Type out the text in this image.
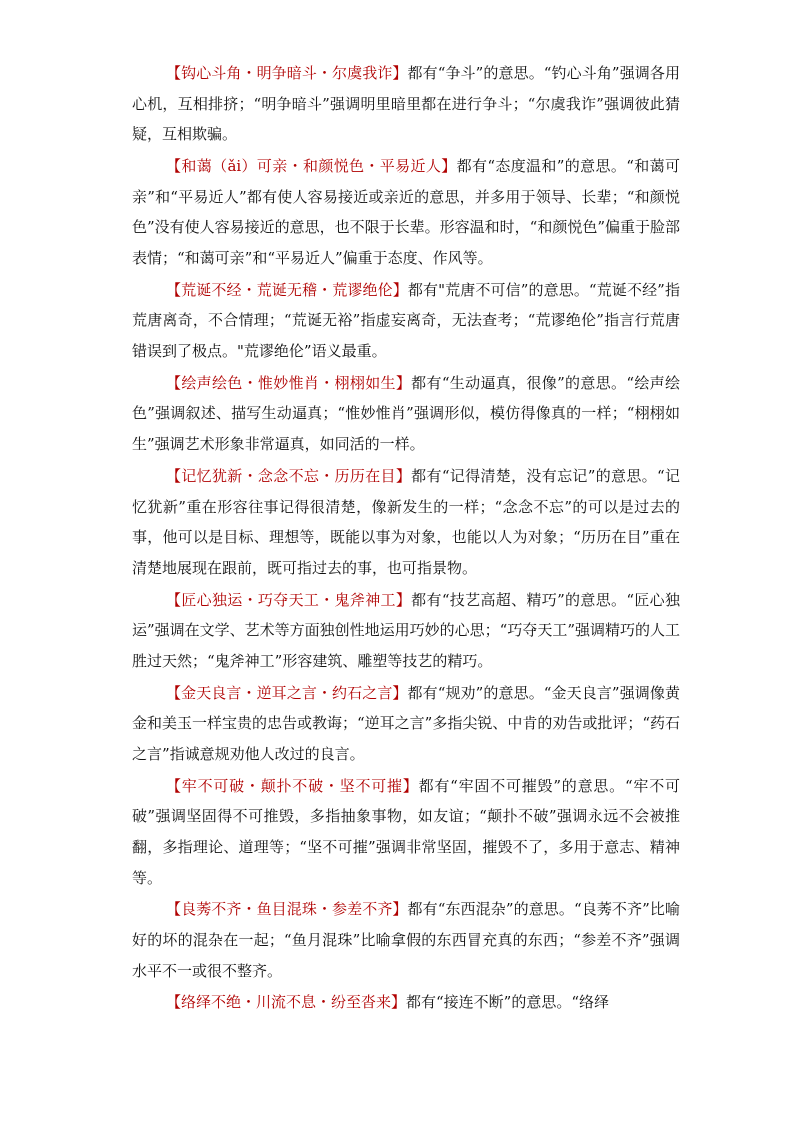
【钩心斗角・明争暗斗・尔虞我诈】都有“争斗”的意思。“钓心斗角”强调各用心机，互相排挤；“明争暗斗”强调明里暗里都在进行争斗；“尔虞我诈”强调彼此猜疑，互相欺骗。

【和蔼（ǎi）可亲・和颜悦色・平易近人】都有“态度温和”的意思。“和蔼可亲”和“平易近人”都有使人容易接近或亲近的意思，并多用于领导、长辈；“和颜悦色”没有使人容易接近的意思，也不限于长辈。形容温和时，“和颜悦色”偏重于脸部表情；“和蔼可亲”和“平易近人”偏重于态度、作风等。

【荒诞不经・荒诞无稽・荒谬绝伦】都有"荒唐不可信”的意思。“荒诞不经”指荒唐离奇，不合情理；“荒诞无裕”指虚妄离奇，无法查考；“荒谬绝伦”指言行荒唐错误到了极点。"荒谬绝伦”语义最重。

【绘声绘色・惟妙惟肖・栩栩如生】都有“生动逼真，很像”的意思。“绘声绘色”强调叙述、描写生动逼真；“惟妙惟肖”强调形似，模仿得像真的一样；“栩栩如生”强调艺术形象非常逼真，如同活的一样。

【记忆犹新・念念不忘・历历在目】都有“记得清楚，没有忘记”的意思。“记忆犹新”重在形容往事记得很清楚，像新发生的一样；“念念不忘”的可以是过去的事，他可以是目标、理想等，既能以事为对象，也能以人为对象；“历历在目”重在清楚地展现在跟前，既可指过去的事，也可指景物。

【匠心独运・巧夺天工・鬼斧神工】都有“技艺高超、精巧”的意思。“匠心独运”强调在文学、艺术等方面独创性地运用巧妙的心思；“巧夺天工”强调精巧的人工胜过天然；“鬼斧神工”形容建筑、雕塑等技艺的精巧。

【金天良言・逆耳之言・约石之言】都有“规劝”的意思。“金天良言”强调像黄金和美玉一样宝贵的忠告或教诲；“逆耳之言”多指尖锐、中肯的劝告或批评；“药石之言”指诚意规劝他人改过的良言。

【牢不可破・颠扑不破・坚不可摧】都有“牢固不可摧毁”的意思。“牢不可破”强调坚固得不可推毁，多指抽象事物，如友谊；“颠扑不破”强调永远不会被推翻，多指理论、道理等；“坚不可摧”强调非常坚固，摧毁不了，多用于意志、精神等。

【良莠不齐・鱼目混珠・参差不齐】都有“东西混杂”的意思。“良莠不齐”比喻好的坏的混杂在一起；“鱼月混珠”比喻拿假的东西冒充真的东西；“参差不齐”强调水平不一或很不整齐。

【络绎不绝・川流不息・纷至沓来】都有“接连不断”的意思。“络绎
